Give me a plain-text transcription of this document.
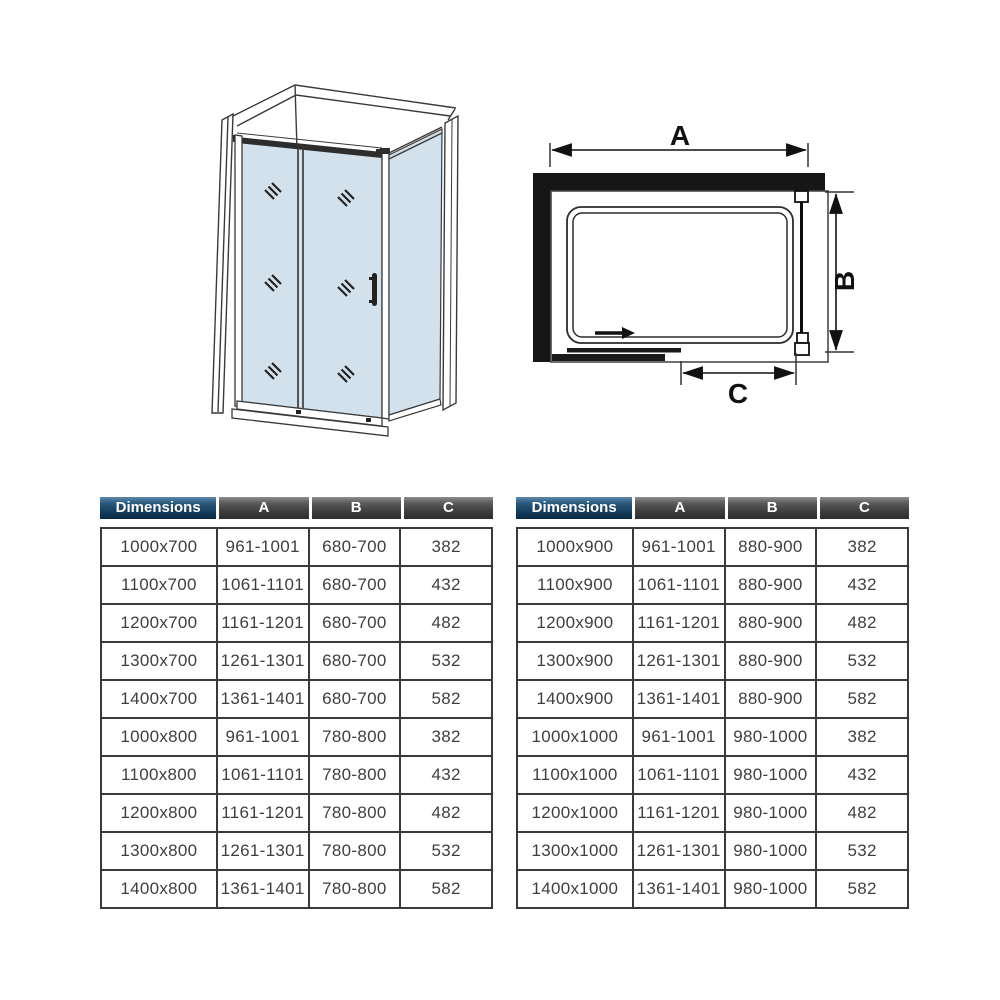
A
B
C
Dimensions	A	B	C
1000x700	961-1001	680-700	382
1100x700	1061-1101	680-700	432
1200x700	1161-1201	680-700	482
1300x700	1261-1301	680-700	532
1400x700	1361-1401	680-700	582
1000x800	961-1001	780-800	382
1100x800	1061-1101	780-800	432
1200x800	1161-1201	780-800	482
1300x800	1261-1301	780-800	532
1400x800	1361-1401	780-800	582
Dimensions	A	B	C
1000x900	961-1001	880-900	382
1100x900	1061-1101	880-900	432
1200x900	1161-1201	880-900	482
1300x900	1261-1301	880-900	532
1400x900	1361-1401	880-900	582
1000x1000	961-1001	980-1000	382
1100x1000	1061-1101	980-1000	432
1200x1000	1161-1201	980-1000	482
1300x1000	1261-1301	980-1000	532
1400x1000	1361-1401	980-1000	582
